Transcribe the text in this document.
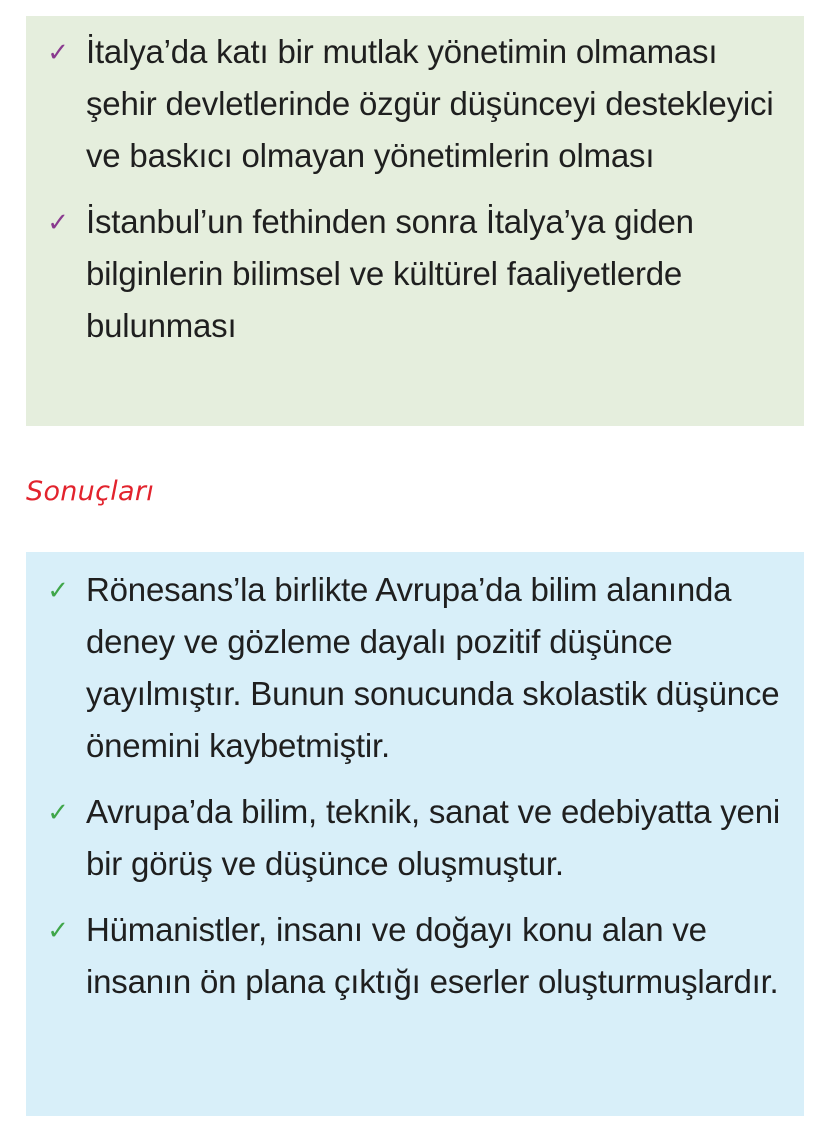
✓ İtalya’da katı bir mutlak yönetimin olmaması şehir devletlerinde özgür düşünceyi destekleyici ve baskıcı olmayan yönetimlerin olması
✓ İstanbul’un fethinden sonra İtalya’ya giden bilginlerin bilimsel ve kültürel faaliyetlerde bulunması
Sonuçları
✓ Rönesans’la birlikte Avrupa’da bilim alanında deney ve gözleme dayalı pozitif düşünce yayılmıştır. Bunun sonucunda skolastik düşünce önemini kaybetmiştir.
✓ Avrupa’da bilim, teknik, sanat ve edebiyatta yeni bir görüş ve düşünce oluşmuştur.
✓ Hümanistler, insanı ve doğayı konu alan ve insanın ön plana çıktığı eserler oluşturmuşlardır.
